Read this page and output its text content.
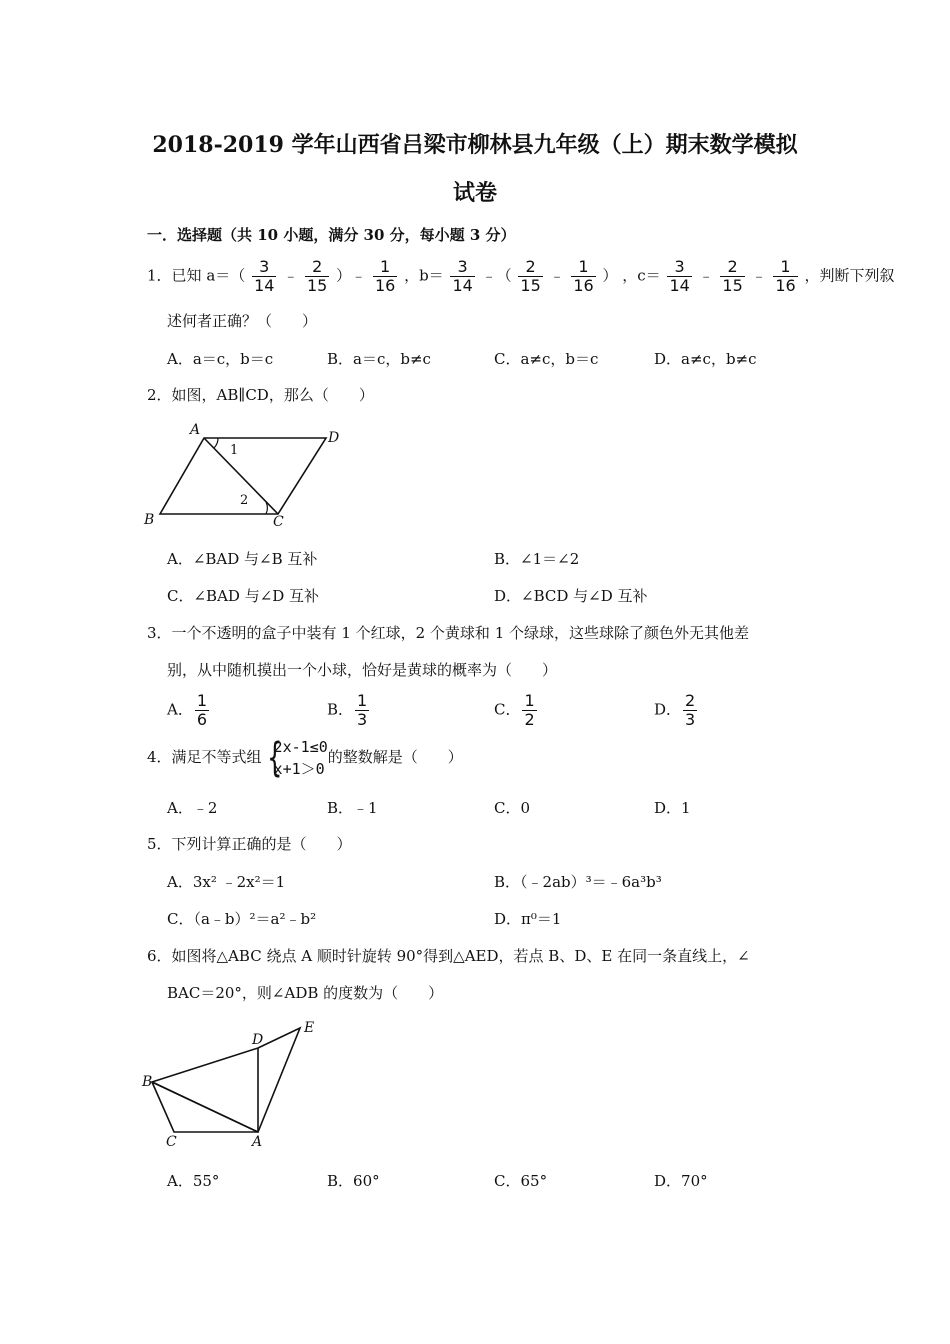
2018-2019 学年山西省吕梁市柳林县九年级（上）期末数学模拟
试卷
一．选择题（共 10 小题，满分 30 分，每小题 3 分）
1．已知 $a=( \frac{3}{14}$ ﹣ $\frac{2}{15}$ ）﹣ $\frac{1}{16}$ ，$b= \frac{3}{14}$ ﹣（ $\frac{2}{15}$ ﹣ $\frac{1}{16}$ ） ，$c= \frac{3}{14}$ ﹣ $\frac{2}{15}$ ﹣ $\frac{1}{16}$ ，判断下列叙
述何者正确？（　　）
A．a＝c，b＝c	B．a＝c，b≠c	C．a≠c，b＝c	D．a≠c，b≠c
2．如图，AB∥CD，那么（　　）
A
B	C
D
1
2
A．∠BAD 与∠B 互补	B．∠1＝∠2
C．∠BAD 与∠D 互补	D．∠BCD 与∠D 互补
3．一个不透明的盒子中装有 1 个红球，2 个黄球和 1 个绿球，这些球除了颜色外无其他差
别，从中随机摸出一个小球，恰好是黄球的概率为（　　）
A． $\frac{1}{6}$	B． $\frac{1}{3}$	C． $\frac{1}{2}$	D． $\frac{2}{3}$
4．满足不等式组 {
2x-1≤0
x+1＞0
的整数解是（　　）
A．﹣2	B．﹣1	C．0	D．1
5．下列计算正确的是（　　）
A．3x² ﹣2x²＝1	B．（﹣2ab）³＝﹣6a³b³
C．（a﹣b）²＝a²﹣b²	D．π⁰＝1
6．如图将△ABC 绕点 A 顺时针旋转 90°得到△AED，若点 B、D、E 在同一条直线上，∠
BAC＝20°，则∠ADB 的度数为（　　）
D
E
B
C	A
A．55°	B．60°	C．65°	D．70°
